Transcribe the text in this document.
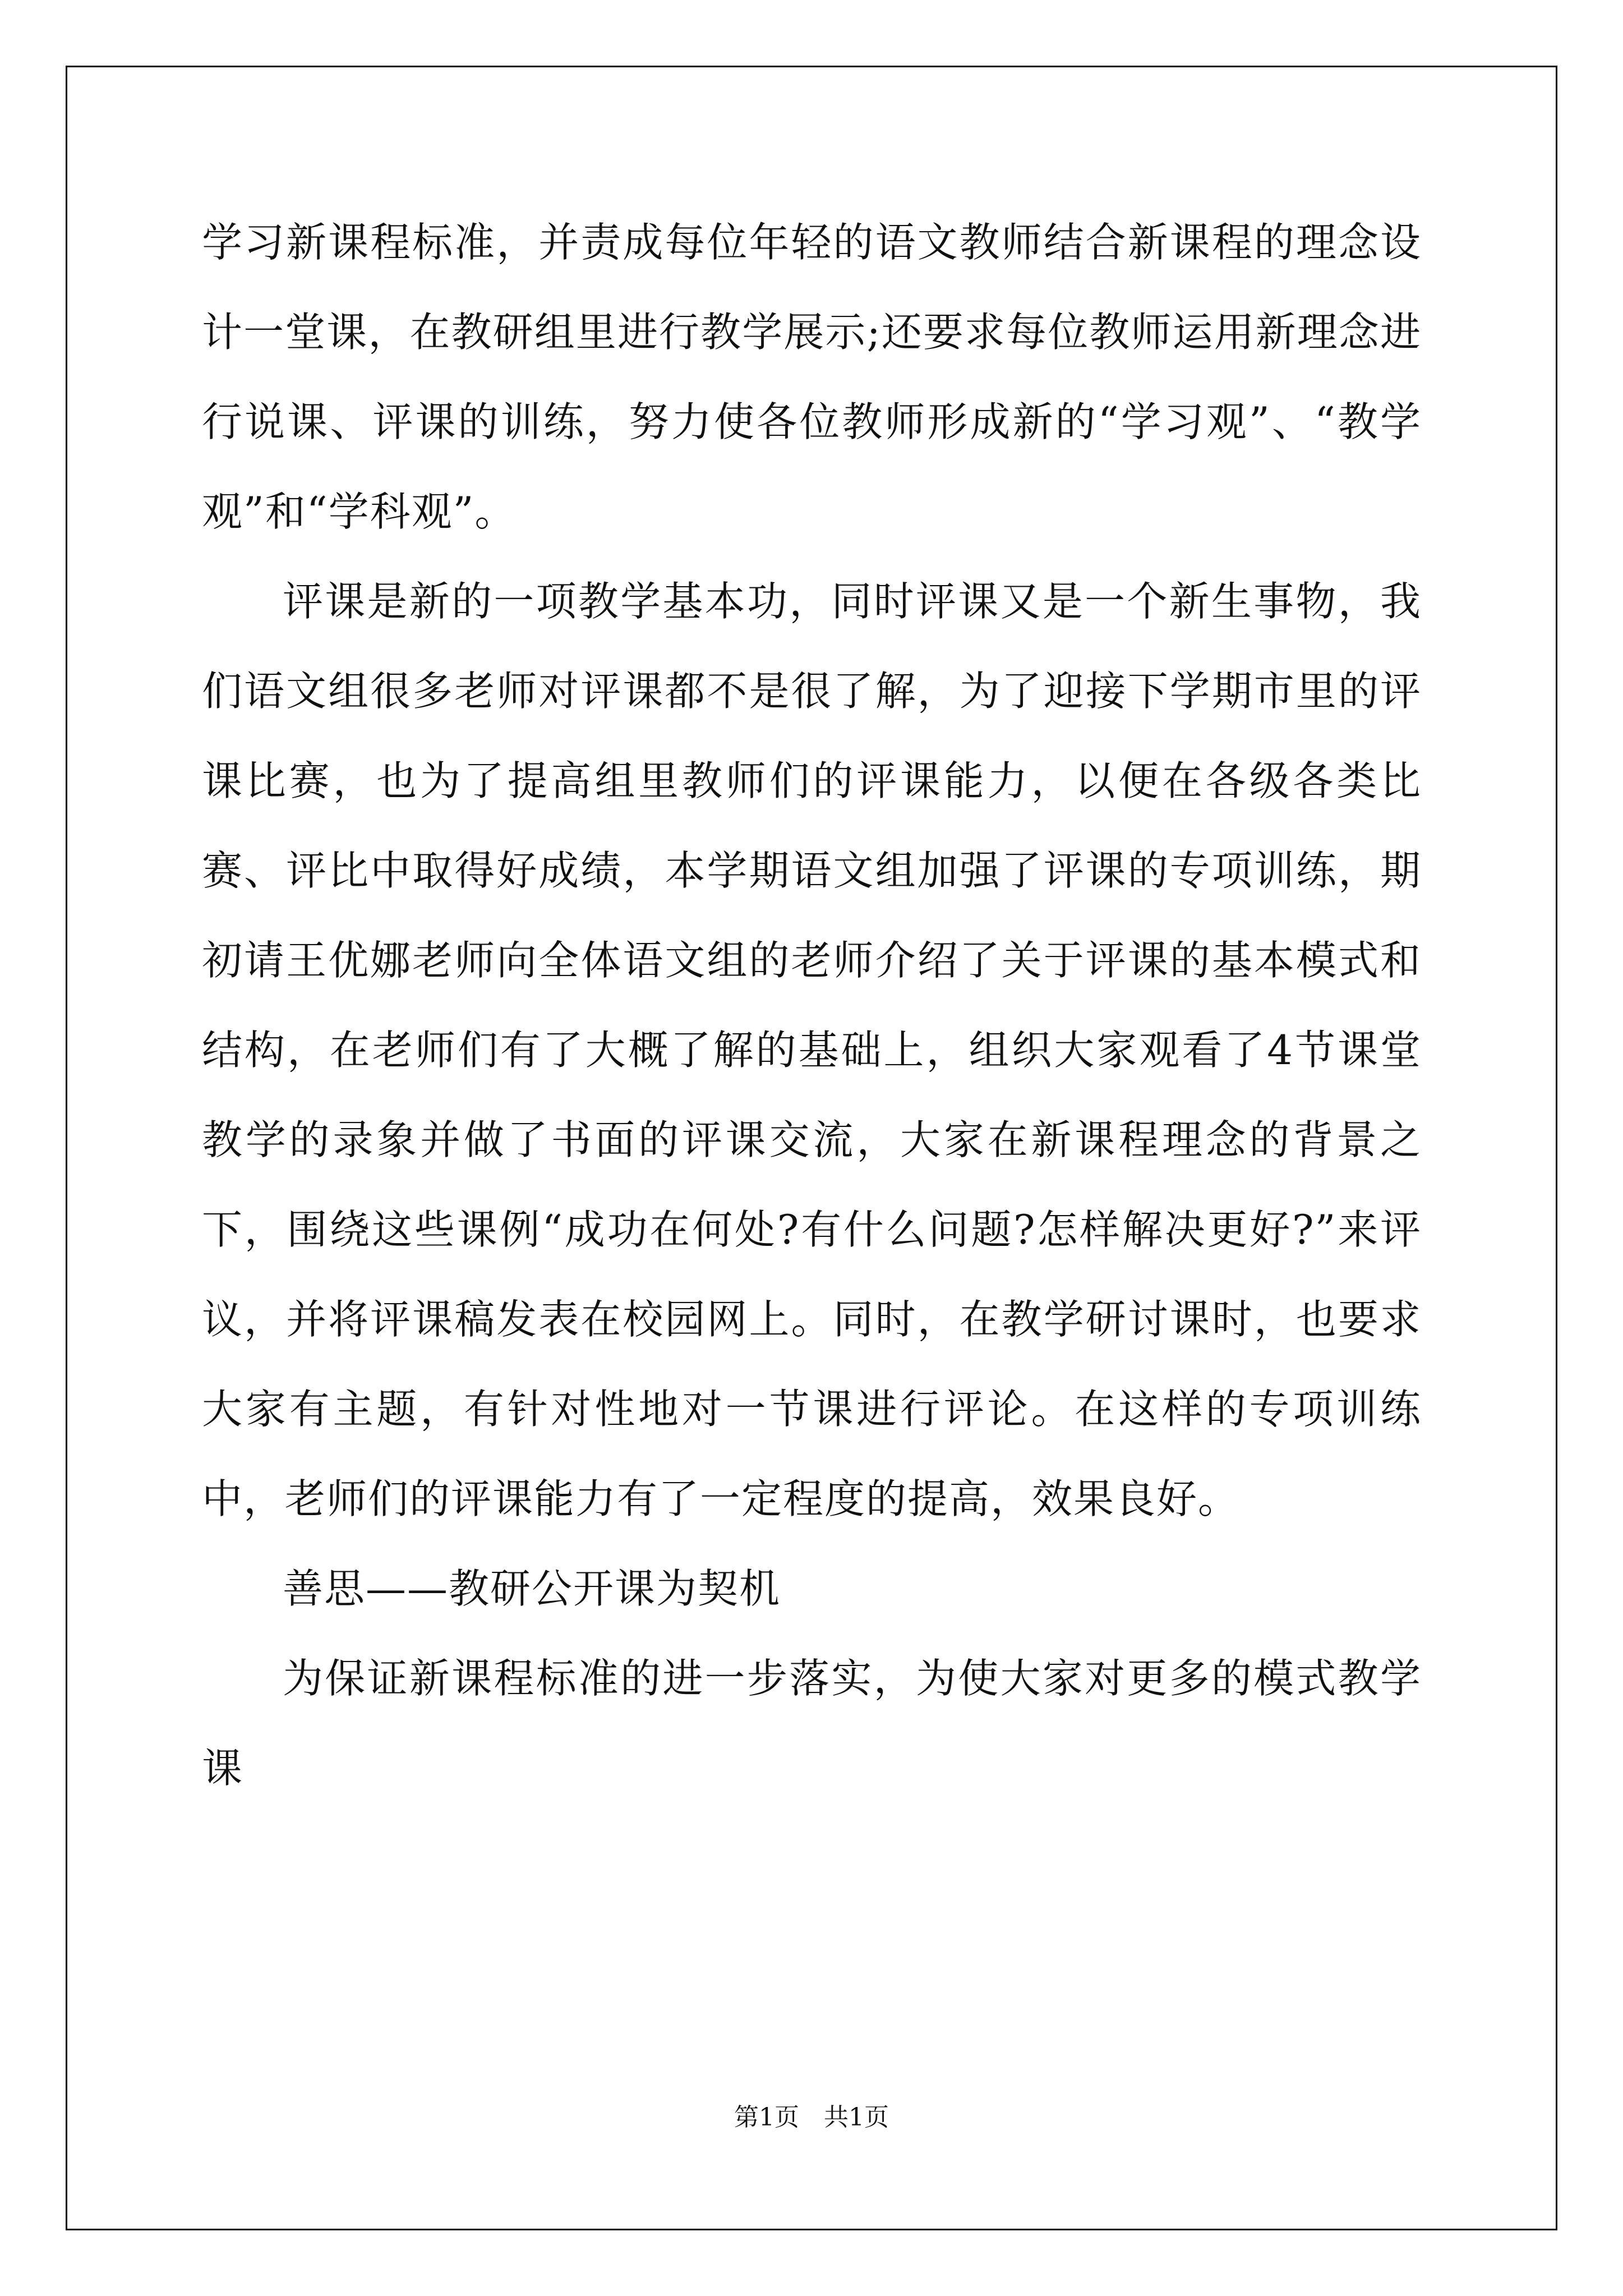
学习新课程标准，并责成每位年轻的语文教师结合新课程的理念设计一堂课，在教研组里进行教学展示;还要求每位教师运用新理念进行说课、评课的训练，努力使各位教师形成新的“学习观”、“教学观”和“学科观”。

评课是新的一项教学基本功，同时评课又是一个新生事物，我们语文组很多老师对评课都不是很了解，为了迎接下学期市里的评课比赛，也为了提高组里教师们的评课能力，以便在各级各类比赛、评比中取得好成绩，本学期语文组加强了评课的专项训练，期初请王优娜老师向全体语文组的老师介绍了关于评课的基本模式和结构，在老师们有了大概了解的基础上，组织大家观看了4节课堂教学的录象并做了书面的评课交流，大家在新课程理念的背景之下，围绕这些课例“成功在何处?有什么问题?怎样解决更好?”来评议，并将评课稿发表在校园网上。同时，在教学研讨课时，也要求大家有主题，有针对性地对一节课进行评论。在这样的专项训练中，老师们的评课能力有了一定程度的提高，效果良好。

善思——教研公开课为契机

为保证新课程标准的进一步落实，为使大家对更多的模式教学课

第1页　共1页
